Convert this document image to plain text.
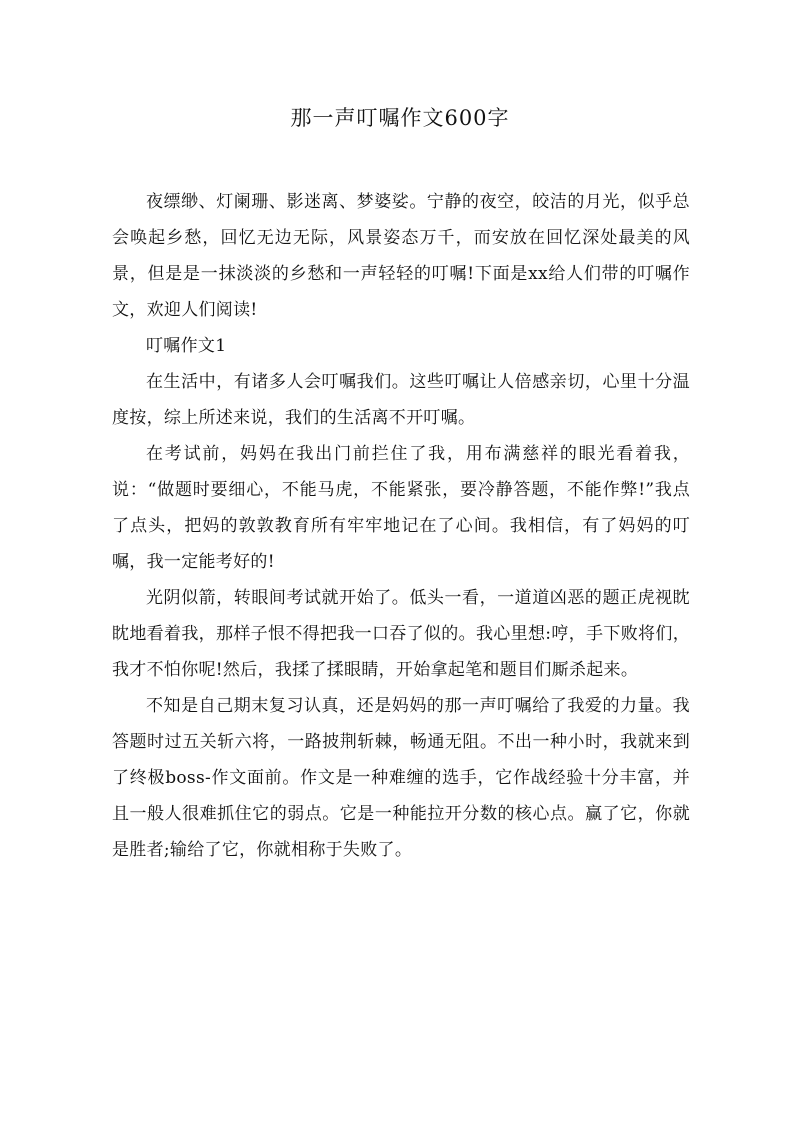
那一声叮嘱作文600字

夜缥缈、灯阑珊、影迷离、梦婆娑。宁静的夜空，皎洁的月光，似乎总会唤起乡愁，回忆无边无际，风景姿态万千，而安放在回忆深处最美的风景，但是是一抹淡淡的乡愁和一声轻轻的叮嘱!下面是xx给人们带的叮嘱作文，欢迎人们阅读!

叮嘱作文1

在生活中，有诸多人会叮嘱我们。这些叮嘱让人倍感亲切，心里十分温度按，综上所述来说，我们的生活离不开叮嘱。

在考试前，妈妈在我出门前拦住了我，用布满慈祥的眼光看着我，说：“做题时要细心，不能马虎，不能紧张，要冷静答题，不能作弊!”我点了点头，把妈的敦敦教育所有牢牢地记在了心间。我相信，有了妈妈的叮嘱，我一定能考好的!

光阴似箭，转眼间考试就开始了。低头一看，一道道凶恶的题正虎视眈眈地看着我，那样子恨不得把我一口吞了似的。我心里想:哼，手下败将们，我才不怕你呢!然后，我揉了揉眼睛，开始拿起笔和题目们厮杀起来。

不知是自己期末复习认真，还是妈妈的那一声叮嘱给了我爱的力量。我答题时过五关斩六将，一路披荆斩棘，畅通无阻。不出一种小时，我就来到了终极boss-作文面前。作文是一种难缠的选手，它作战经验十分丰富，并且一般人很难抓住它的弱点。它是一种能拉开分数的核心点。赢了它，你就是胜者;输给了它，你就相称于失败了。
